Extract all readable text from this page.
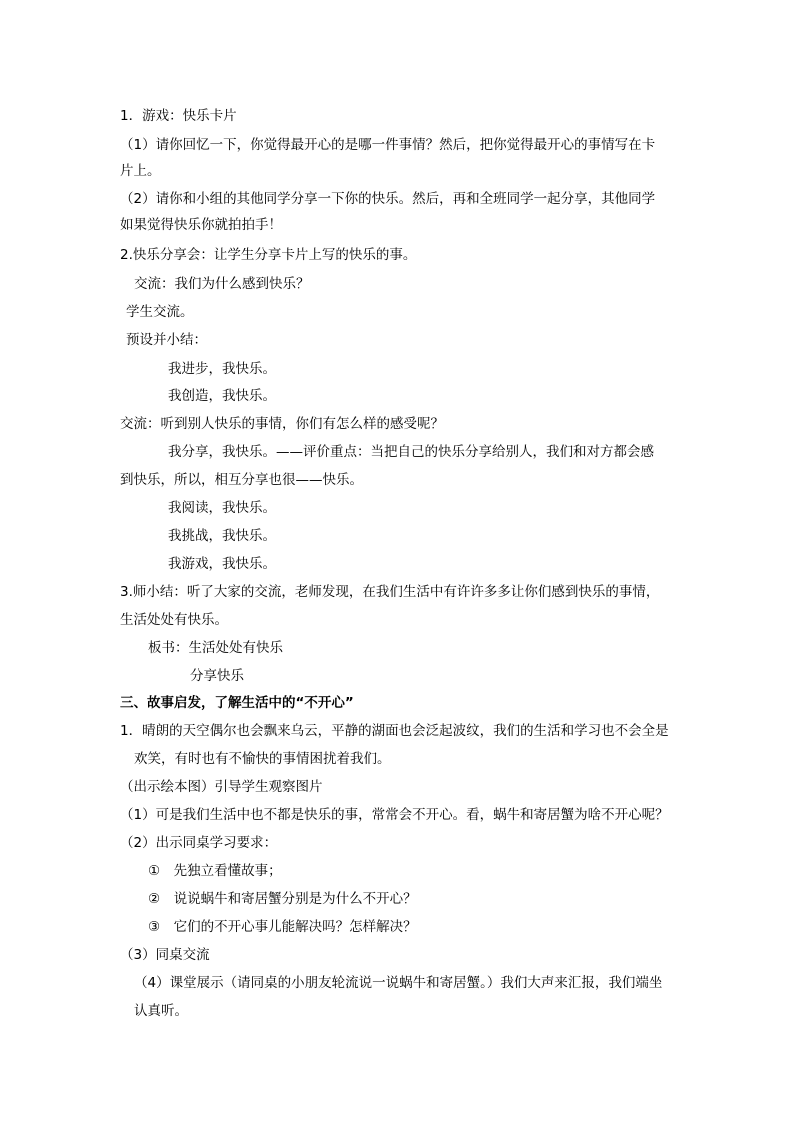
1．游戏：快乐卡片
（1）请你回忆一下，你觉得最开心的是哪一件事情？然后，把你觉得最开心的事情写在卡
片上。
（2）请你和小组的其他同学分享一下你的快乐。然后，再和全班同学一起分享，其他同学
如果觉得快乐你就拍拍手！
2.快乐分享会：让学生分享卡片上写的快乐的事。
交流：我们为什么感到快乐？
学生交流。
预设并小结：
我进步，我快乐。
我创造，我快乐。
交流：听到别人快乐的事情，你们有怎么样的感受呢？
我分享，我快乐。——评价重点：当把自己的快乐分享给别人，我们和对方都会感
到快乐，所以，相互分享也很——快乐。
我阅读，我快乐。
我挑战，我快乐。
我游戏，我快乐。
3.师小结：听了大家的交流，老师发现，在我们生活中有许许多多让你们感到快乐的事情，
生活处处有快乐。
板书：生活处处有快乐
分享快乐
三、故事启发，了解生活中的“不开心”
1．晴朗的天空偶尔也会飘来乌云，平静的湖面也会泛起波纹，我们的生活和学习也不会全是
欢笑，有时也有不愉快的事情困扰着我们。
（出示绘本图）引导学生观察图片
（1）可是我们生活中也不都是快乐的事，常常会不开心。看，蜗牛和寄居蟹为啥不开心呢？
（2）出示同桌学习要求：
①　先独立看懂故事；
②　说说蜗牛和寄居蟹分别是为什么不开心？
③　它们的不开心事儿能解决吗？怎样解决？
（3）同桌交流
（4）课堂展示（请同桌的小朋友轮流说一说蜗牛和寄居蟹。）我们大声来汇报，我们端坐
认真听。
